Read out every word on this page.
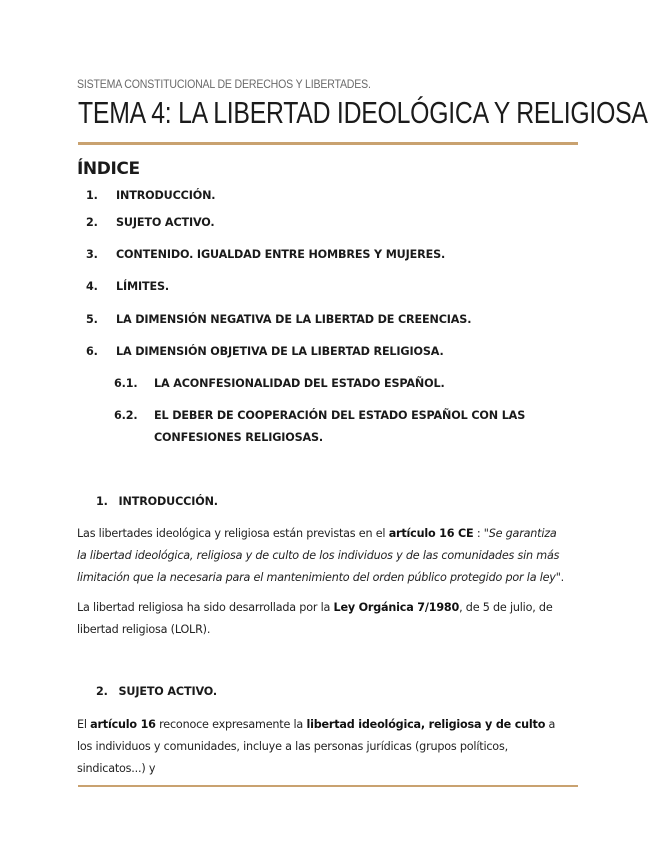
SISTEMA CONSTITUCIONAL DE DERECHOS Y LIBERTADES.
TEMA 4: LA LIBERTAD IDEOLÓGICA Y RELIGIOSA
ÍNDICE
1. INTRODUCCIÓN.
2. SUJETO ACTIVO.
3. CONTENIDO. IGUALDAD ENTRE HOMBRES Y MUJERES.
4. LÍMITES.
5. LA DIMENSIÓN NEGATIVA DE LA LIBERTAD DE CREENCIAS.
6. LA DIMENSIÓN OBJETIVA DE LA LIBERTAD RELIGIOSA.
6.1. LA ACONFESIONALIDAD DEL ESTADO ESPAÑOL.
6.2. EL DEBER DE COOPERACIÓN DEL ESTADO ESPAÑOL CON LAS
CONFESIONES RELIGIOSAS.
1. INTRODUCCIÓN.
Las libertades ideológica y religiosa están previstas en el artículo 16 CE : "Se garantiza la libertad ideológica, religiosa y de culto de los individuos y de las comunidades sin más limitación que la necesaria para el mantenimiento del orden público protegido por la ley".
La libertad religiosa ha sido desarrollada por la Ley Orgánica 7/1980, de 5 de julio, de libertad religiosa (LOLR).
2. SUJETO ACTIVO.
El artículo 16 reconoce expresamente la libertad ideológica, religiosa y de culto a los individuos y comunidades, incluye a las personas jurídicas (grupos políticos, sindicatos...) y
